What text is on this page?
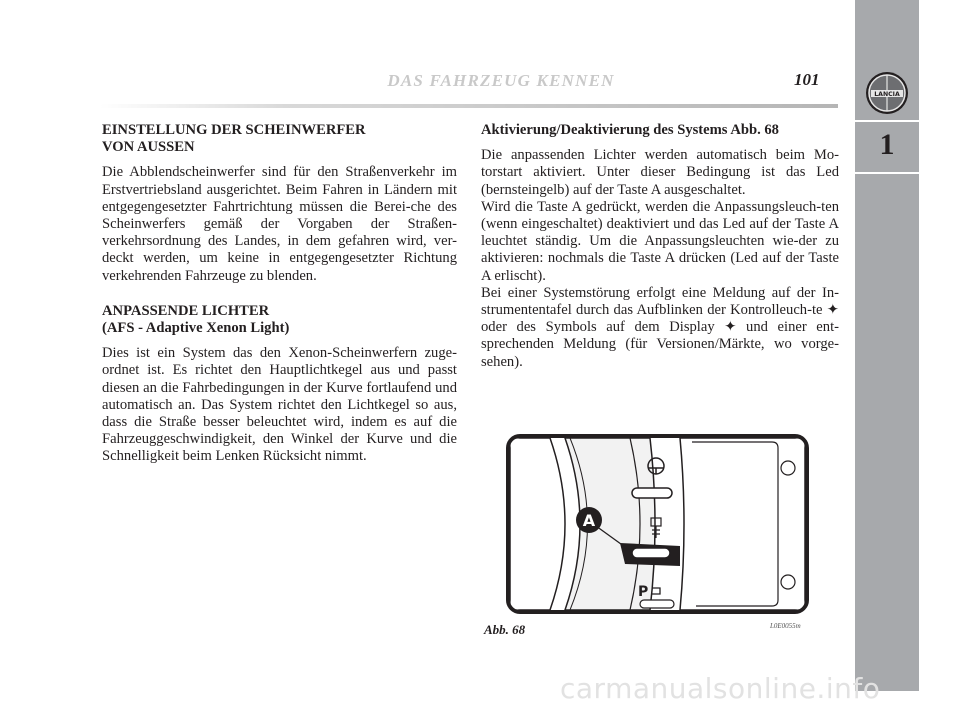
DAS FAHRZEUG KENNEN	101
1
LANCIA
EINSTELLUNG DER SCHEINWERFER
VON AUSSEN

Die Abblendscheinwerfer sind für den Straßenverkehr im Erstvertriebsland ausgerichtet. Beim Fahren in Ländern mit entgegengesetzter Fahrtrichtung müssen die Berei-che des Scheinwerfers gemäß der Vorgaben der Straßen-verkehrsordnung des Landes, in dem gefahren wird, ver-deckt werden, um keine in entgegengesetzter Richtung verkehrenden Fahrzeuge zu blenden.

ANPASSENDE LICHTER
(AFS - Adaptive Xenon Light)

Dies ist ein System das den Xenon-Scheinwerfern zuge-ordnet ist. Es richtet den Hauptlichtkegel aus und passt diesen an die Fahrbedingungen in der Kurve fortlaufend und automatisch an. Das System richtet den Lichtkegel so aus, dass die Straße besser beleuchtet wird, indem es auf die Fahrzeuggeschwindigkeit, den Winkel der Kurve und die Schnelligkeit beim Lenken Rücksicht nimmt.

Aktivierung/Deaktivierung des Systems Abb. 68

Die anpassenden Lichter werden automatisch beim Mo-torstart aktiviert. Unter dieser Bedingung ist das Led (bernsteingelb) auf der Taste A ausgeschaltet.

Wird die Taste A gedrückt, werden die Anpassungsleuch-ten (wenn eingeschaltet) deaktiviert und das Led auf der Taste A leuchtet ständig. Um die Anpassungsleuchten wie-der zu aktivieren: nochmals die Taste A drücken (Led auf der Taste A erlischt).

Bei einer Systemstörung erfolgt eine Meldung auf der In-strumententafel durch das Aufblinken der Kontrolleuch-te ✦ oder des Symbols auf dem Display ✦ und einer ent-sprechenden Meldung (für Versionen/Märkte, wo vorge-sehen).

P
A
Abb. 68	L0E0055m
carmanualsonline.info
